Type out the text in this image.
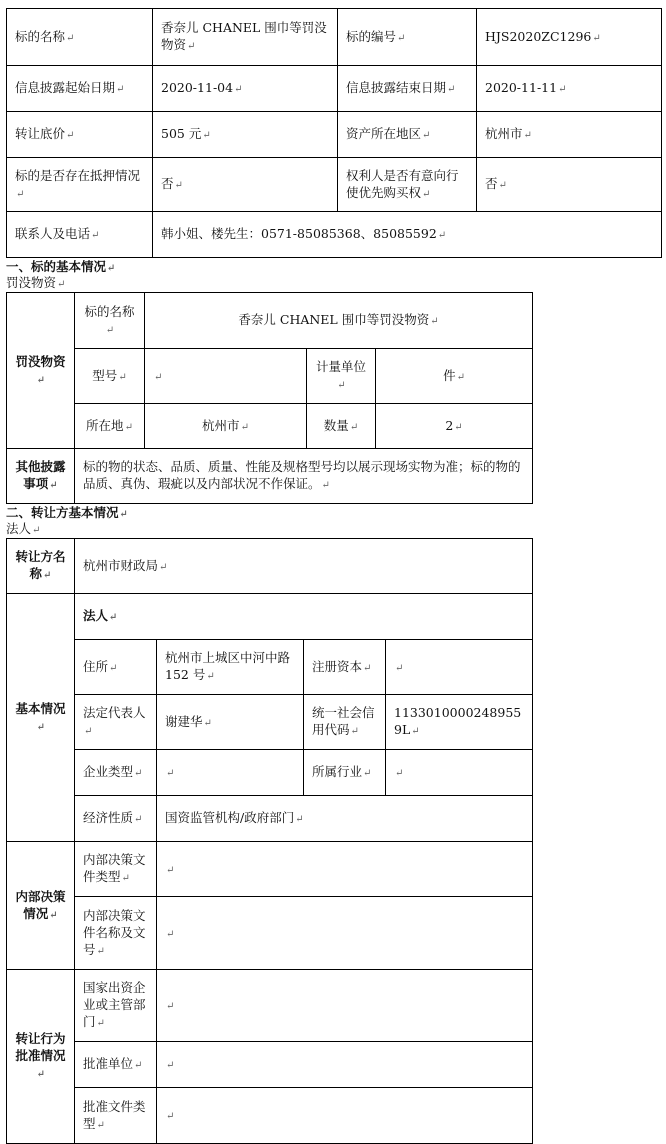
标的名称↵	香奈儿 CHANEL 围巾等罚没物资↵	标的编号↵	HJS2020ZC1296↵
信息披露起始日期↵	2020-11-04↵	信息披露结束日期↵	2020-11-11↵
转让底价↵	505 元↵	资产所在地区↵	杭州市↵
标的是否存在抵押情况↵	否↵	权利人是否有意向行使优先购买权↵	否↵
联系人及电话↵	韩小姐、楼先生：0571-85085368、85085592↵		
一、标的基本情况↵
罚没物资↵
罚没物资↵	标的名称↵	香奈儿 CHANEL 围巾等罚没物资↵		
	型号↵	↵	计量单位↵	件↵
	所在地↵	杭州市↵	数量↵	2↵
其他披露事项↵	标的物的状态、品质、质量、性能及规格型号均以展示现场实物为准；标的物的品质、真伪、瑕疵以及内部状况不作保证。↵			
二、转让方基本情况↵
法人↵
转让方名称↵	杭州市财政局↵			
基本情况↵	法人↵			
	住所↵	杭州市上城区中河中路 152 号↵	注册资本↵	↵
	法定代表人↵	谢建华↵	统一社会信用代码↵	11330100002489559L↵
	企业类型↵	↵	所属行业↵	↵
	经济性质↵	国资监管机构/政府部门↵		
内部决策情况↵	内部决策文件类型↵	↵		
	内部决策文件名称及文号↵	↵		
转让行为批准情况↵	国家出资企业或主管部门↵	↵		
	批准单位↵	↵		
	批准文件类型↵	↵		
